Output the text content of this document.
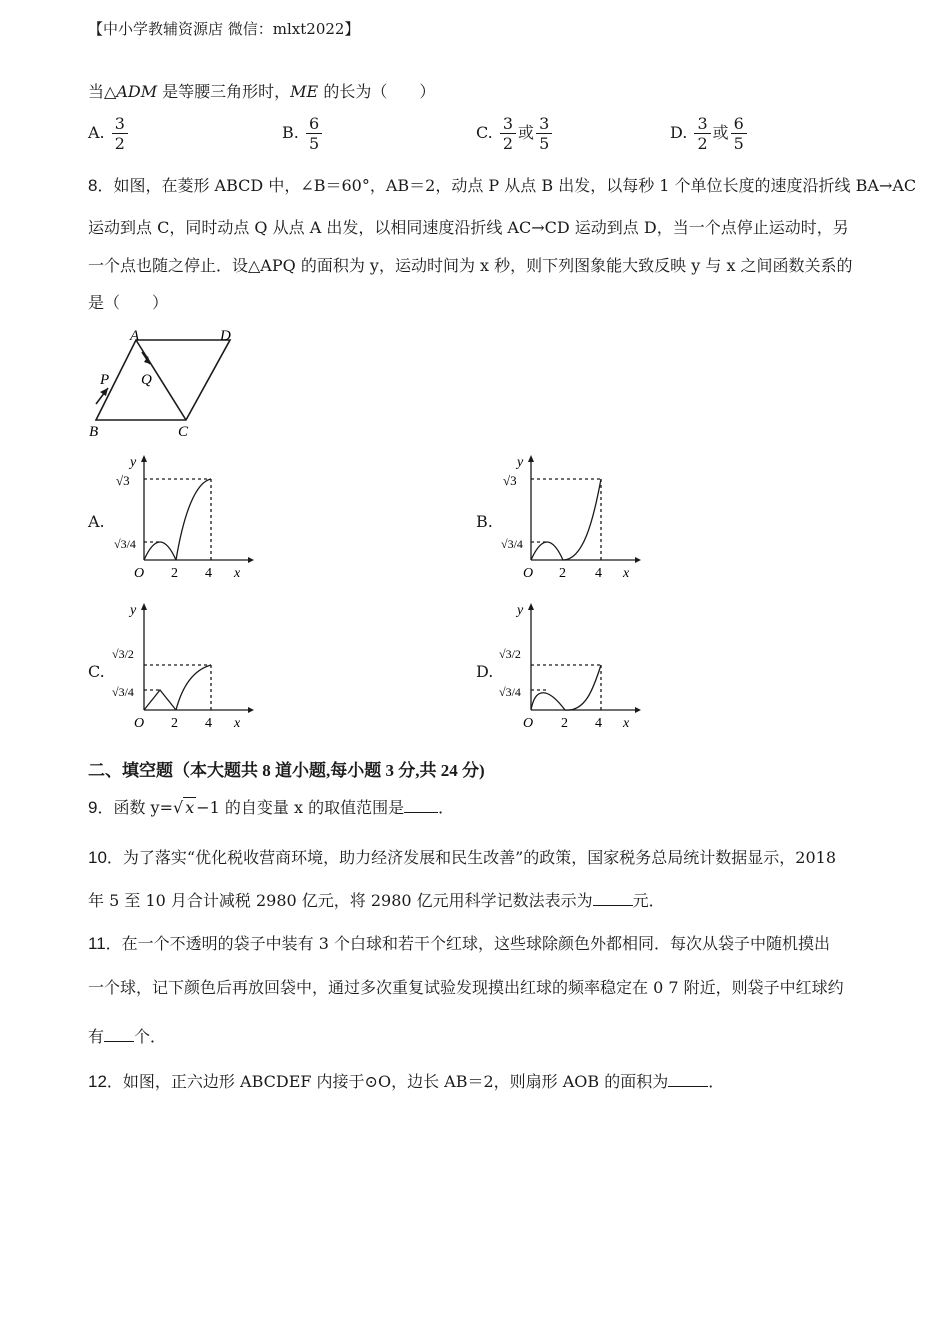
【中小学教辅资源店 微信：mlxt2022】
当△ADM 是等腰三角形时，ME 的长为（　　）
A. $\frac{3}{2}$	B. $\frac{6}{5}$	C. $\frac{3}{2}$ 或 $\frac{3}{5}$	D. $\frac{3}{2}$ 或 $\frac{6}{5}$
8．如图，在菱形 ABCD 中，∠B＝60°，AB＝2，动点 P 从点 B 出发，以每秒 1 个单位长度的速度沿折线 BA→AC
运动到点 C，同时动点 Q 从点 A 出发，以相同速度沿折线 AC→CD 运动到点 D，当一个点停止运动时，另
一个点也随之停止．设△APQ 的面积为 y，运动时间为 x 秒，则下列图象能大致反映 y 与 x 之间函数关系的
是（　　）
A	D
B	C
P Q
A.
y
x
O 2 4
√3
√3/4
B.
y
x
O 2 4
√3
√3/4
C.
y
x
O 2 4
√3/2
√3/4
D.
y
x
O 2 4
√3/2
√3/4
二、填空题（本大题共 8 道小题,每小题 3 分,共 24 分)
9．函数 y=√ x −1 的自变量 x 的取值范围是 ．
10．为了落实“优化税收营商环境，助力经济发展和民生改善”的政策，国家税务总局统计数据显示，2018
年 5 至 10 月合计减税 2980 亿元，将 2980 亿元用科学记数法表示为	元．
11．在一个不透明的袋子中装有 3 个白球和若干个红球，这些球除颜色外都相同．每次从袋子中随机摸出
一个球，记下颜色后再放回袋中，通过多次重复试验发现摸出红球的频率稳定在 0 7 附近，则袋子中红球约
有 个．
12．如图，正六边形 ABCDEF 内接于⊙O，边长 AB＝2，则扇形 AOB 的面积为	．
